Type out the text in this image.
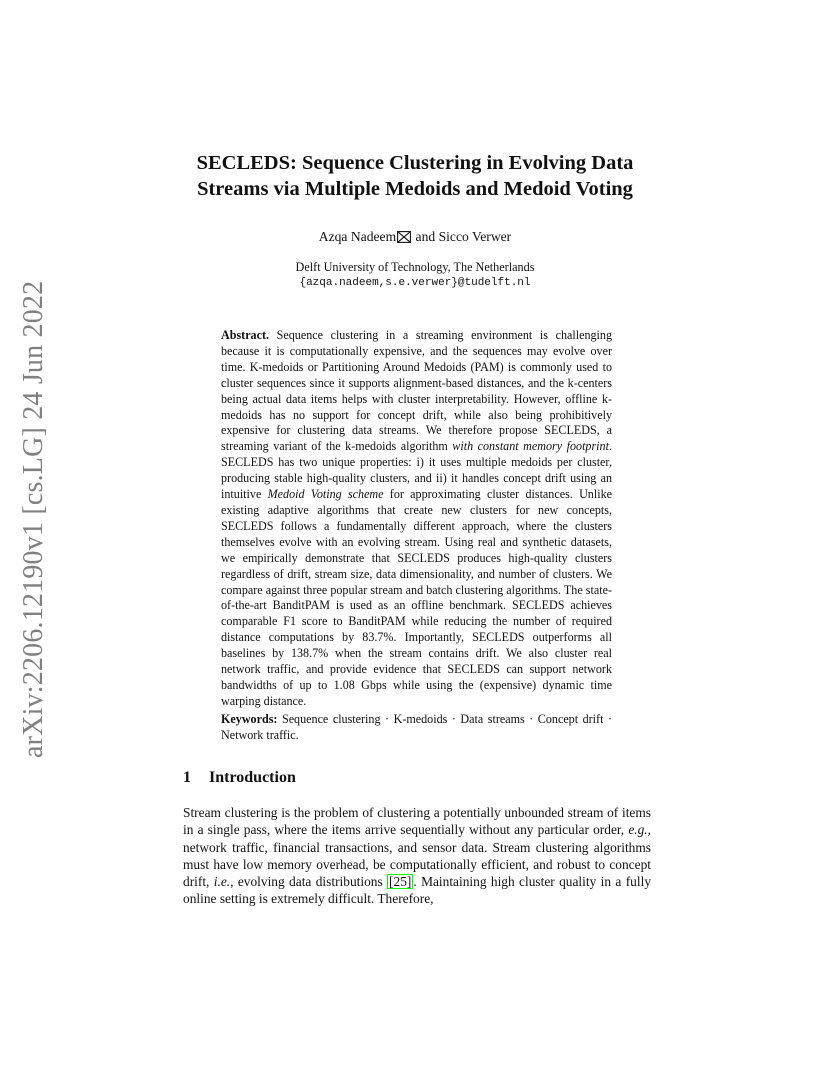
arXiv:2206.12190v1 [cs.LG] 24 Jun 2022
SECLEDS: Sequence Clustering in Evolving Data Streams via Multiple Medoids and Medoid Voting
Azqa Nadeem and Sicco Verwer
Delft University of Technology, The Netherlands
{azqa.nadeem,s.e.verwer}@tudelft.nl

Abstract. Sequence clustering in a streaming environment is challenging because it is computationally expensive, and the sequences may evolve over time. K-medoids or Partitioning Around Medoids (PAM) is commonly used to cluster sequences since it supports alignment-based distances, and the k-centers being actual data items helps with cluster interpretability. However, offline k-medoids has no support for concept drift, while also being prohibitively expensive for clustering data streams. We therefore propose SECLEDS, a streaming variant of the k-medoids algorithm with constant memory footprint. SECLEDS has two unique properties: i) it uses multiple medoids per cluster, producing stable high-quality clusters, and ii) it handles concept drift using an intuitive Medoid Voting scheme for approximating cluster distances. Unlike existing adaptive algorithms that create new clusters for new concepts, SECLEDS follows a fundamentally different approach, where the clusters themselves evolve with an evolving stream. Using real and synthetic datasets, we empirically demonstrate that SECLEDS produces high-quality clusters regardless of drift, stream size, data dimensionality, and number of clusters. We compare against three popular stream and batch clustering algorithms. The state-of-the-art BanditPAM is used as an offline benchmark. SECLEDS achieves comparable F1 score to BanditPAM while reducing the number of required distance computations by 83.7%. Importantly, SECLEDS outperforms all baselines by 138.7% when the stream contains drift. We also cluster real network traffic, and provide evidence that SECLEDS can support network bandwidths of up to 1.08 Gbps while using the (expensive) dynamic time warping distance.

Keywords: Sequence clustering · K-medoids · Data streams · Concept drift · Network traffic.
1 Introduction

Stream clustering is the problem of clustering a potentially unbounded stream of items in a single pass, where the items arrive sequentially without any particular order, e.g., network traffic, financial transactions, and sensor data. Stream clustering algorithms must have low memory overhead, be computationally efficient, and robust to concept drift, i.e., evolving data distributions [25] . Maintaining high cluster quality in a fully online setting is extremely difficult. Therefore,
